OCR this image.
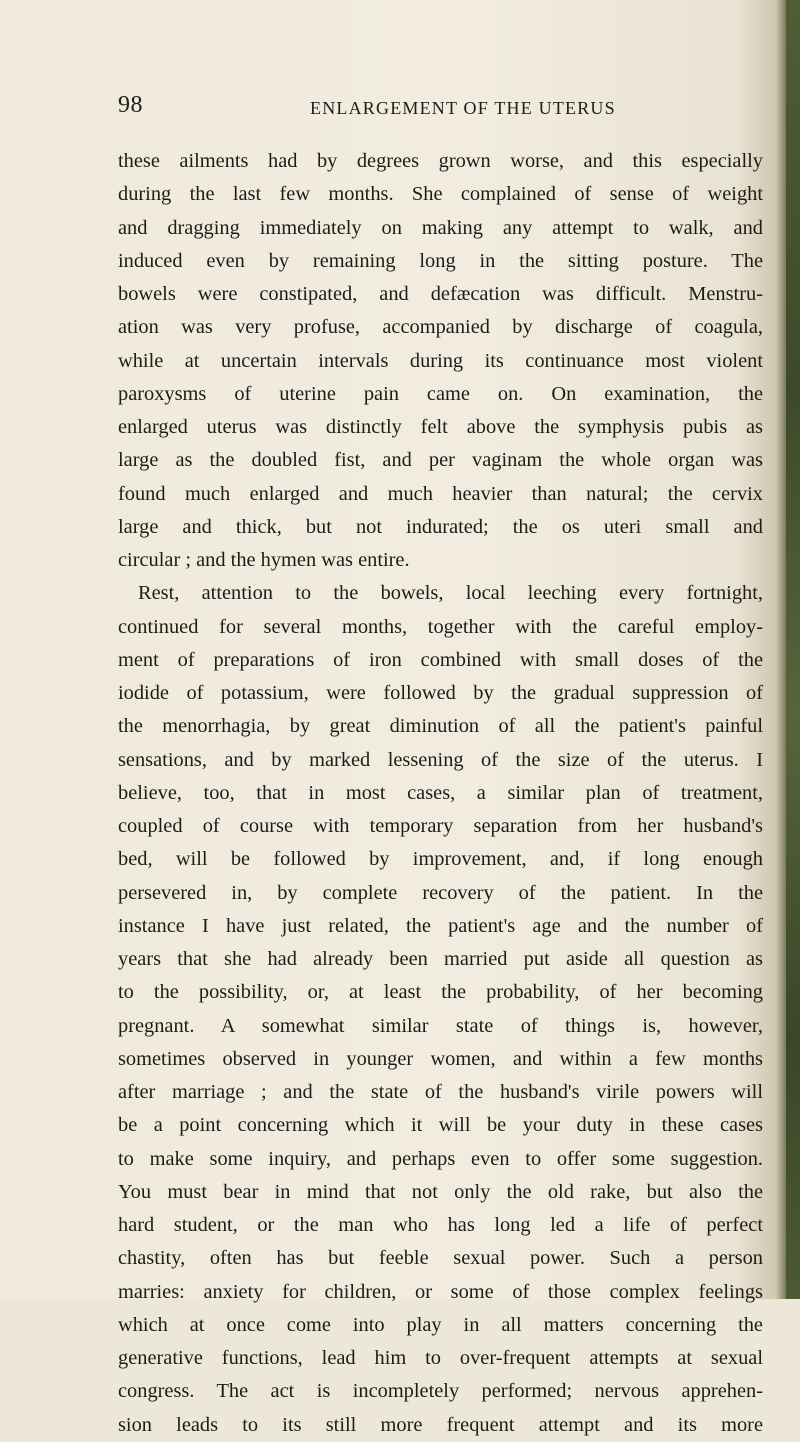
98	ENLARGEMENT OF THE UTERUS
these ailments had by degrees grown worse, and this especially
during the last few months. She complained of sense of weight
and dragging immediately on making any attempt to walk, and
induced even by remaining long in the sitting posture. The
bowels were constipated, and defæcation was difficult. Menstru-
ation was very profuse, accompanied by discharge of coagula,
while at uncertain intervals during its continuance most violent
paroxysms of uterine pain came on. On examination, the
enlarged uterus was distinctly felt above the symphysis pubis as
large as the doubled fist, and per vaginam the whole organ was
found much enlarged and much heavier than natural; the cervix
large and thick, but not indurated; the os uteri small and
circular ; and the hymen was entire.
Rest, attention to the bowels, local leeching every fortnight,
continued for several months, together with the careful employ-
ment of preparations of iron combined with small doses of the
iodide of potassium, were followed by the gradual suppression of
the menorrhagia, by great diminution of all the patient's painful
sensations, and by marked lessening of the size of the uterus. I
believe, too, that in most cases, a similar plan of treatment,
coupled of course with temporary separation from her husband's
bed, will be followed by improvement, and, if long enough
persevered in, by complete recovery of the patient. In the
instance I have just related, the patient's age and the number of
years that she had already been married put aside all question as
to the possibility, or, at least the probability, of her becoming
pregnant. A somewhat similar state of things is, however,
sometimes observed in younger women, and within a few months
after marriage ; and the state of the husband's virile powers will
be a point concerning which it will be your duty in these cases
to make some inquiry, and perhaps even to offer some suggestion.
You must bear in mind that not only the old rake, but also the
hard student, or the man who has long led a life of perfect
chastity, often has but feeble sexual power. Such a person
marries: anxiety for children, or some of those complex feelings
which at once come into play in all matters concerning the
generative functions, lead him to over-frequent attempts at sexual
congress. The act is incompletely performed; nervous apprehen-
sion leads to its still more frequent attempt and its more
